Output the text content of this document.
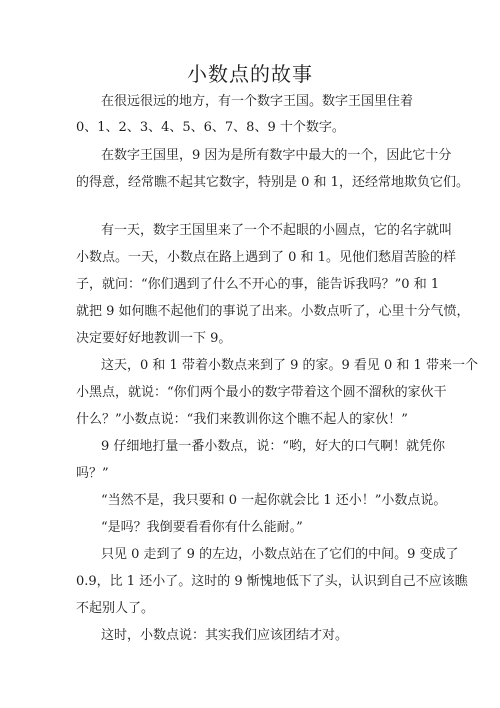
小数点的故事
在很远很远的地方，有一个数字王国。数字王国里住着
0、1、2、3、4、5、6、7、8、9 十个数字。
在数字王国里，9 因为是所有数字中最大的一个，因此它十分
的得意，经常瞧不起其它数字，特别是 0 和 1，还经常地欺负它们。
有一天，数字王国里来了一个不起眼的小圆点，它的名字就叫
小数点。一天，小数点在路上遇到了 0 和 1。见他们愁眉苦脸的样
子，就问：“你们遇到了什么不开心的事，能告诉我吗？”0 和 1
就把 9 如何瞧不起他们的事说了出来。小数点听了，心里十分气愤，
决定要好好地教训一下 9。
这天，0 和 1 带着小数点来到了 9 的家。9 看见 0 和 1 带来一个
小黑点，就说：“你们两个最小的数字带着这个圆不溜秋的家伙干
什么？”小数点说：“我们来教训你这个瞧不起人的家伙！”
9 仔细地打量一番小数点，说：“哟，好大的口气啊！就凭你
吗？”
“当然不是，我只要和 0 一起你就会比 1 还小！”小数点说。
“是吗？我倒要看看你有什么能耐。”
只见 0 走到了 9 的左边，小数点站在了它们的中间。9 变成了
0.9，比 1 还小了。这时的 9 惭愧地低下了头，认识到自己不应该瞧
不起别人了。
这时，小数点说：其实我们应该团结才对。
